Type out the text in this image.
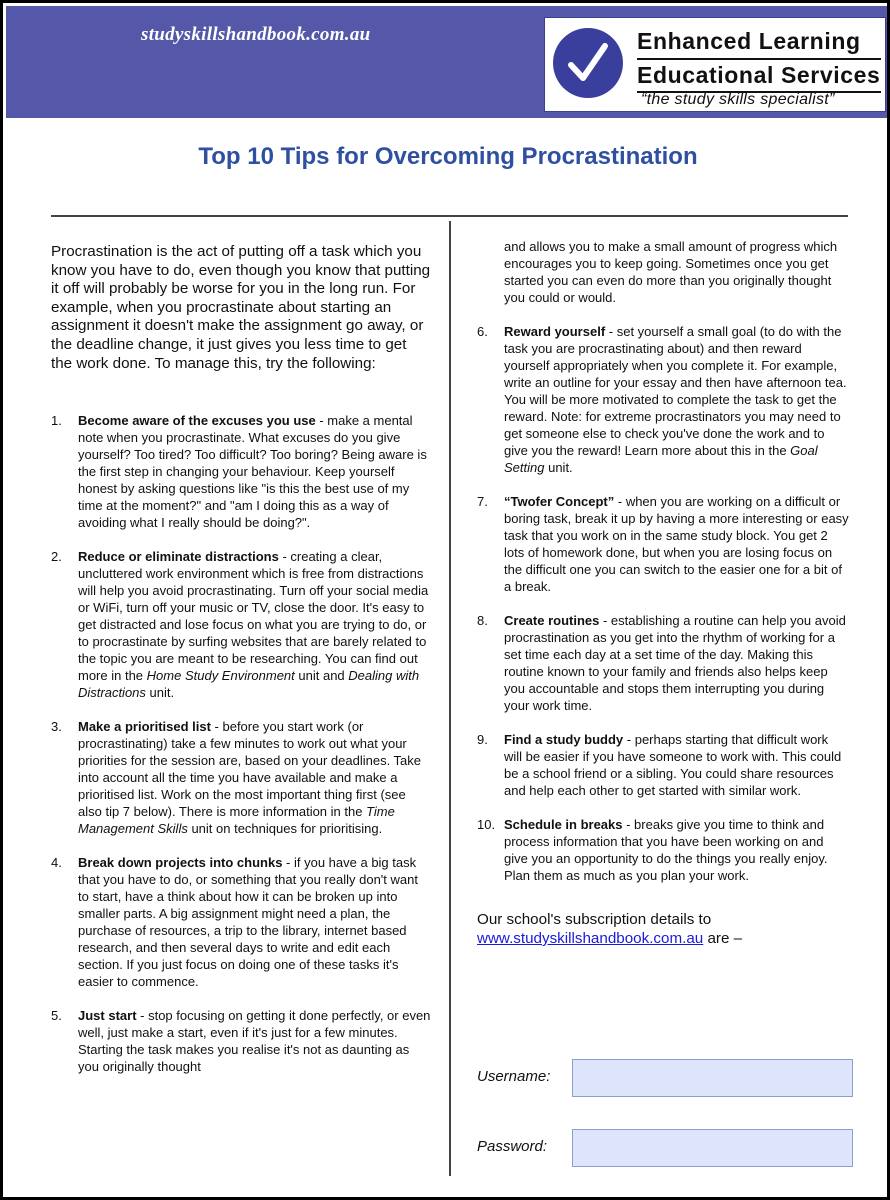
studyskillshandbook.com.au	Enhanced Learning
Educational Services
“the study skills specialist”
Top 10 Tips for Overcoming Procrastination

Procrastination is the act of putting off a task which you know you have to do, even though you know that putting it off will probably be worse for you in the long run. For example, when you procrastinate about starting an assignment it doesn't make the assignment go away, or the deadline change, it just gives you less time to get the work done. To manage this, try the following:

1. Become aware of the excuses you use - make a mental note when you procrastinate. What excuses do you give yourself? Too tired? Too difficult? Too boring? Being aware is the first step in changing your behaviour. Keep yourself honest by asking questions like "is this the best use of my time at the moment?" and "am I doing this as a way of avoiding what I really should be doing?".
2. Reduce or eliminate distractions - creating a clear, uncluttered work environment which is free from distractions will help you avoid procrastinating. Turn off your social media or WiFi, turn off your music or TV, close the door. It's easy to get distracted and lose focus on what you are trying to do, or to procrastinate by surfing websites that are barely related to the topic you are meant to be researching. You can find out more in the Home Study Environment unit and Dealing with Distractions unit.
3. Make a prioritised list - before you start work (or procrastinating) take a few minutes to work out what your priorities for the session are, based on your deadlines. Take into account all the time you have available and make a prioritised list. Work on the most important thing first (see also tip 7 below). There is more information in the Time Management Skills unit on techniques for prioritising.
4. Break down projects into chunks - if you have a big task that you have to do, or something that you really don't want to start, have a think about how it can be broken up into smaller parts. A big assignment might need a plan, the purchase of resources, a trip to the library, internet based research, and then several days to write and edit each section. If you just focus on doing one of these tasks it's easier to commence.
5. Just start - stop focusing on getting it done perfectly, or even well, just make a start, even if it's just for a few minutes. Starting the task makes you realise it's not as daunting as you originally thought

and allows you to make a small amount of progress which encourages you to keep going. Sometimes once you get started you can even do more than you originally thought you could or would.

6. Reward yourself - set yourself a small goal (to do with the task you are procrastinating about) and then reward yourself appropriately when you complete it. For example, write an outline for your essay and then have afternoon tea. You will be more motivated to complete the task to get the reward. Note: for extreme procrastinators you may need to get someone else to check you've done the work and to give you the reward! Learn more about this in the Goal Setting unit.
7. “Twofer Concept” - when you are working on a difficult or boring task, break it up by having a more interesting or easy task that you work on in the same study block. You get 2 lots of homework done, but when you are losing focus on the difficult one you can switch to the easier one for a bit of a break.
8. Create routines - establishing a routine can help you avoid procrastination as you get into the rhythm of working for a set time each day at a set time of the day. Making this routine known to your family and friends also helps keep you accountable and stops them interrupting you during your work time.
9. Find a study buddy - perhaps starting that difficult work will be easier if you have someone to work with. This could be a school friend or a sibling. You could share resources and help each other to get started with similar work.
10. Schedule in breaks - breaks give you time to think and process information that you have been working on and give you an opportunity to do the things you really enjoy. Plan them as much as you plan your work.

Our school's subscription details to
www.studyskillshandbook.com.au are –

Username:
Password:
